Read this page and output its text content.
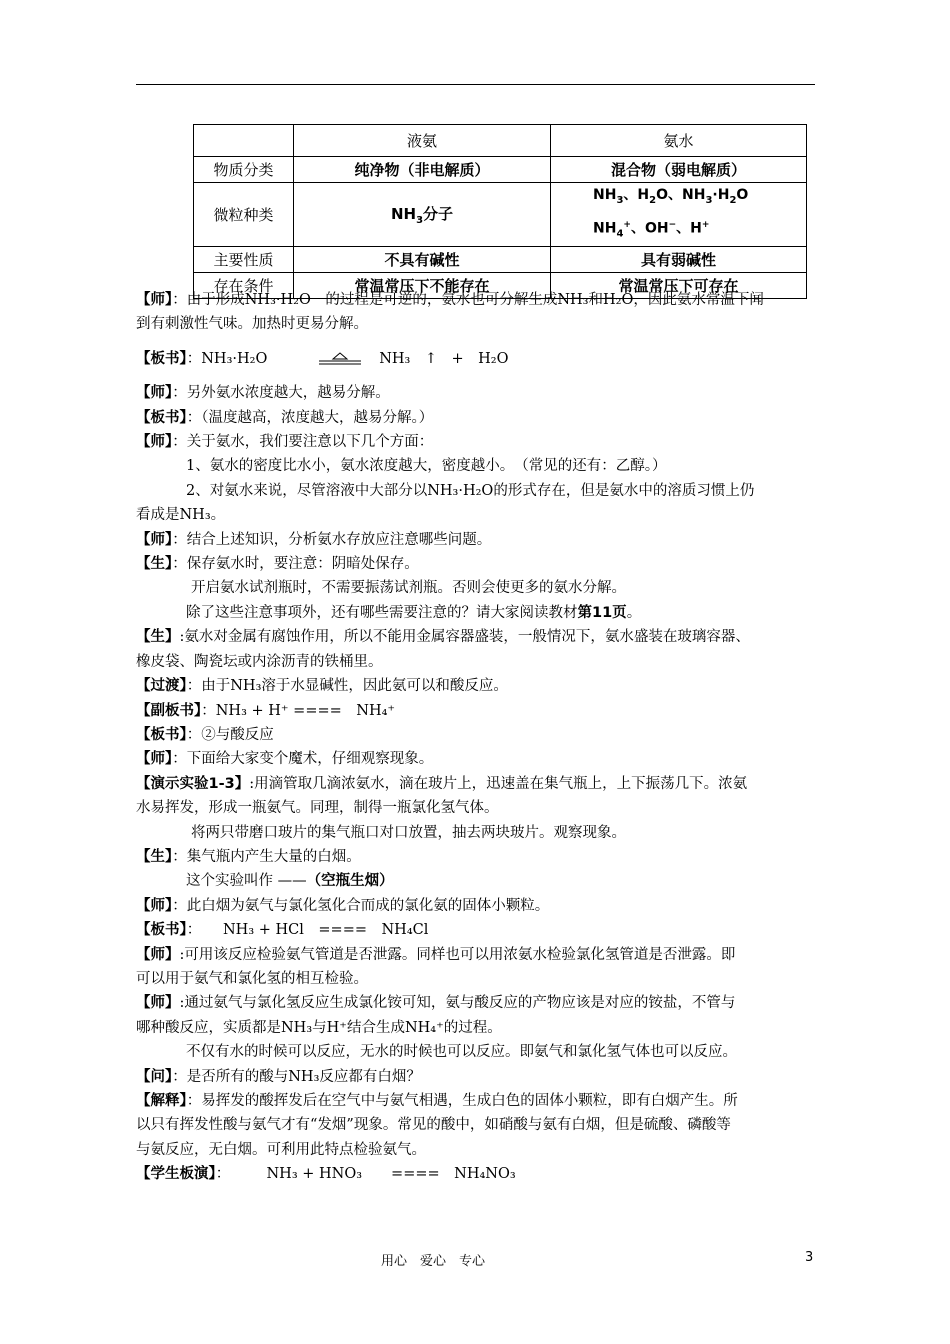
	液氨	氨水
物质分类	纯净物（非电解质）	混合物（弱电解质）
微粒种类	$NH_3$分子	$NH_3$、$H_2O$、$NH_3\cdot H_2O$
$NH_4^+$、OH−、H+
主要性质	不具有碱性	具有弱碱性
存在条件	常温常压下不能存在	常温常压下可存在
【师】：由于形成NH₃·H₂O　的过程是可逆的，氨水也可分解生成NH₃和H₂O，因此氨水常温下闻
到有刺激性气味。加热时更易分解。
【板书】：NH₃·H₂O	⇌ NH₃　↑　+　H₂O
【师】：另外氨水浓度越大，越易分解。
【板书】：（温度越高，浓度越大，越易分解。）
【师】：关于氨水，我们要注意以下几个方面：
1、氨水的密度比水小，氨水浓度越大，密度越小。　（常见的还有：乙醇。）
2、对氨水来说，尽管溶液中大部分以NH₃·H₂O的形式存在，但是氨水中的溶质习惯上仍
看成是NH₃。
【师】：结合上述知识，分析氨水存放应注意哪些问题。
【生】：保存氨水时，要注意：阴暗处保存。
开启氨水试剂瓶时，不需要振荡试剂瓶。否则会使更多的氨水分解。
除了这些注意事项外，还有哪些需要注意的？请大家阅读教材第11页。
【生】:氨水对金属有腐蚀作用，所以不能用金属容器盛装，一般情况下，氨水盛装在玻璃容器、
橡皮袋、陶瓷坛或内涂沥青的铁桶里。
【过渡】：由于NH₃溶于水显碱性，因此氨可以和酸反应。
【副板书】：NH₃ + H⁺ ====　NH₄⁺
【板书】：②与酸反应
【师】：下面给大家变个魔术，仔细观察现象。
【演示实验1-3】:用滴管取几滴浓氨水，滴在玻片上，迅速盖在集气瓶上，上下振荡几下。浓氨
水易挥发，形成一瓶氨气。同理，制得一瓶氯化氢气体。
将两只带磨口玻片的集气瓶口对口放置，抽去两块玻片。观察现象。
【生】：集气瓶内产生大量的白烟。
这个实验叫作 ——（空瓶生烟）
【师】：此白烟为氨气与氯化氢化合而成的氯化氨的固体小颗粒。
【板书】：　　NH₃ + HCl　====　NH₄Cl
【师】:可用该反应检验氨气管道是否泄露。同样也可以用浓氨水检验氯化氢管道是否泄露。即
可以用于氨气和氯化氢的相互检验。
【师】:通过氨气与氯化氢反应生成氯化铵可知，氨与酸反应的产物应该是对应的铵盐，不管与
哪种酸反应，实质都是NH₃与H⁺结合生成NH₄⁺的过程。
不仅有水的时候可以反应，无水的时候也可以反应。即氨气和氯化氢气体也可以反应。
【问】：是否所有的酸与NH₃反应都有白烟？
【解释】：易挥发的酸挥发后在空气中与氨气相遇，生成白色的固体小颗粒，即有白烟产生。所
以只有挥发性酸与氨气才有“发烟”现象。常见的酸中，如硝酸与氨有白烟，但是硫酸、磷酸等
与氨反应，无白烟。可利用此特点检验氨气。
【学生板演】：　　　NH₃ + HNO₃　　====　NH₄NO₃
用心　爱心　专心	3
